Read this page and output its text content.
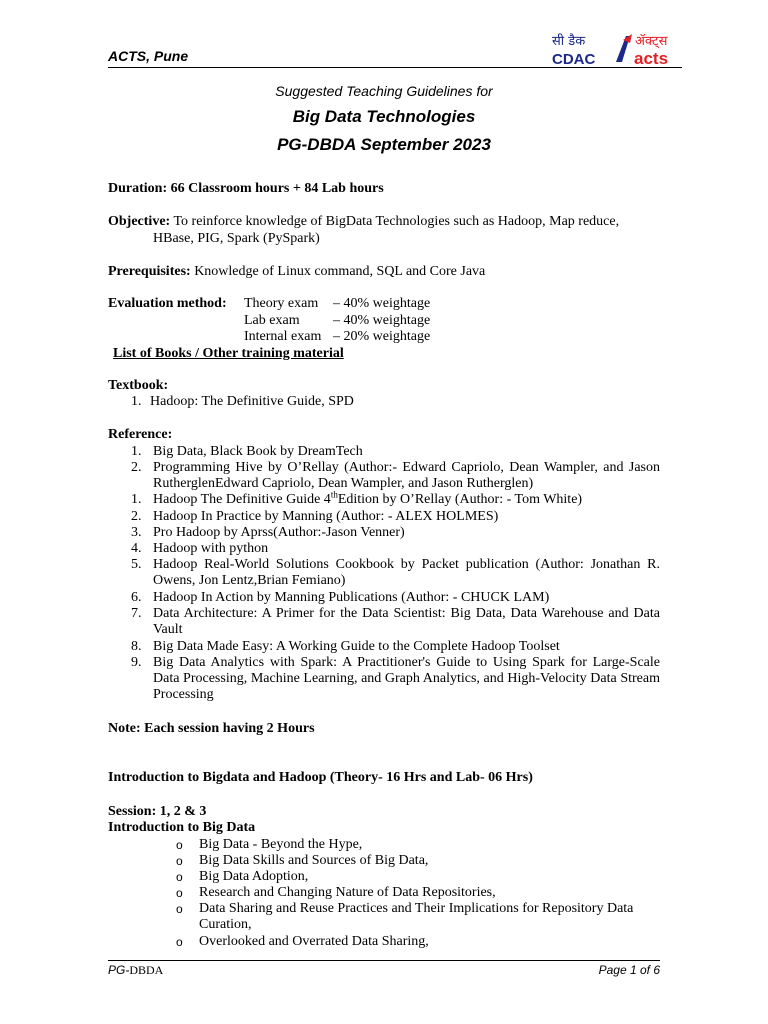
ACTS, Pune
सी डैक
CDAC
ॲक्ट्स
acts
Suggested Teaching Guidelines for
Big Data Technologies
PG-DBDA September 2023
Duration: 66 Classroom hours + 84 Lab hours
Objective: To reinforce knowledge of BigData Technologies such as Hadoop, Map reduce,
HBase, PIG, Spark (PySpark)
Prerequisites: Knowledge of Linux command, SQL and Core Java
Evaluation method: Theory exam – 40% weightage
Lab exam – 40% weightage
Internal exam – 20% weightage
List of Books / Other training material
Textbook:
1. Hadoop: The Definitive Guide, SPD
Reference:
1. Big Data, Black Book by DreamTech
2. Programming Hive by O’Rellay (Author:- Edward Capriolo, Dean Wampler, and Jason RutherglenEdward Capriolo, Dean Wampler, and Jason Rutherglen)
1. Hadoop The Definitive Guide 4thEdition by O’Rellay (Author: - Tom White)
2. Hadoop In Practice by Manning (Author: - ALEX HOLMES)
3. Pro Hadoop by Aprss(Author:-Jason Venner)
4. Hadoop with python
5. Hadoop Real-World Solutions Cookbook by Packet publication (Author: Jonathan R. Owens, Jon Lentz,Brian Femiano)
6. Hadoop In Action by Manning Publications (Author: - CHUCK LAM)
7. Data Architecture: A Primer for the Data Scientist: Big Data, Data Warehouse and Data Vault
8. Big Data Made Easy: A Working Guide to the Complete Hadoop Toolset
9. Big Data Analytics with Spark: A Practitioner's Guide to Using Spark for Large-Scale Data Processing, Machine Learning, and Graph Analytics, and High-Velocity Data Stream Processing
Note: Each session having 2 Hours
Introduction to Bigdata and Hadoop (Theory- 16 Hrs and Lab- 06 Hrs)
Session: 1, 2 & 3
Introduction to Big Data
o Big Data - Beyond the Hype,
o Big Data Skills and Sources of Big Data,
o Big Data Adoption,
o Research and Changing Nature of Data Repositories,
o Data Sharing and Reuse Practices and Their Implications for Repository Data Curation,
o Overlooked and Overrated Data Sharing,
PG-DBDA	Page 1 of 6
